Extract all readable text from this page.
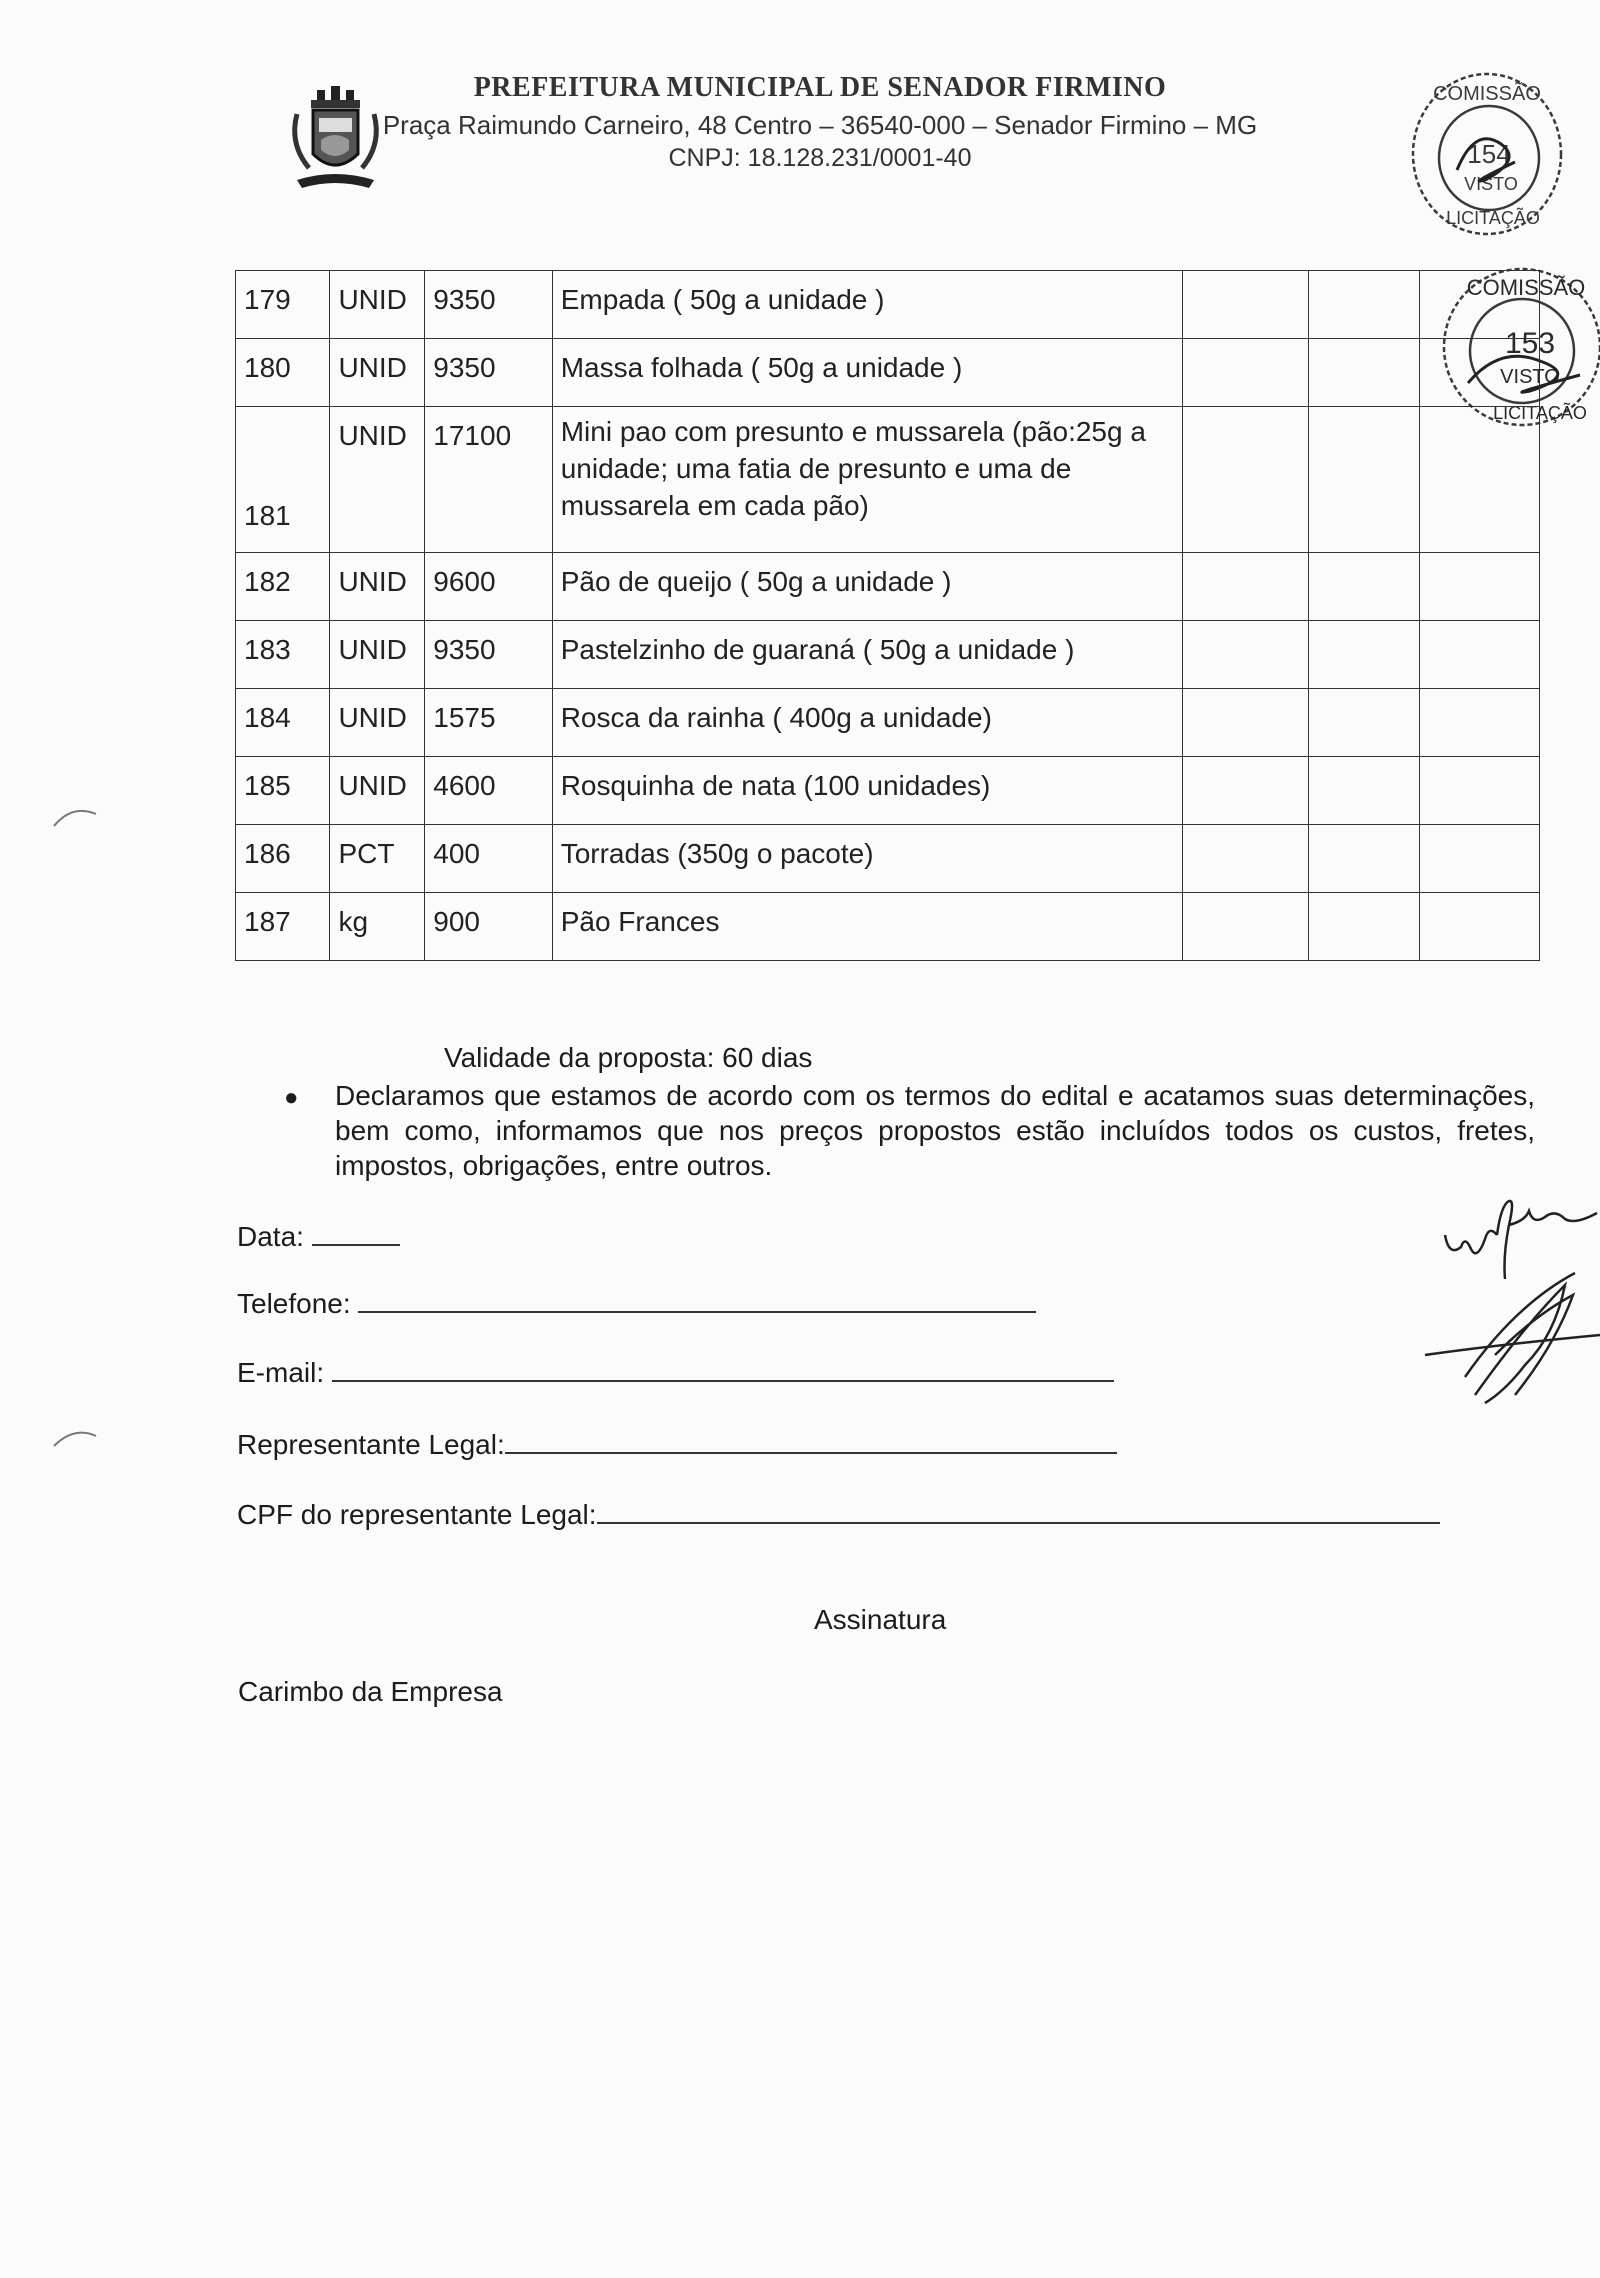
PREFEITURA MUNICIPAL DE SENADOR FIRMINO
Praça Raimundo Carneiro, 48 Centro – 36540-000 – Senador Firmino – MG
CNPJ: 18.128.231/0001-40
COMISSÃO
154
VISTO
LICITAÇÃO
COMISSÃO
153
VISTO
LICITAÇÃO
179	UNID	9350	Empada ( 50g a unidade )			

180	UNID	9350	Massa folhada ( 50g a unidade )			

181	UNID	17100	Mini pao com presunto e mussarela (pão:25g a unidade; uma fatia de presunto e uma de mussarela em cada pão)			

182	UNID	9600	Pão de queijo ( 50g a unidade )			

183	UNID	9350	Pastelzinho de guaraná ( 50g a unidade )			

184	UNID	1575	Rosca da rainha ( 400g a unidade)			

185	UNID	4600	Rosquinha de nata (100 unidades)			

186	PCT	400	Torradas (350g o pacote)			

187	kg	900	Pão Frances			

Validade da proposta: 60 dias
● Declaramos que estamos de acordo com os termos do edital e acatamos suas determinações, bem como, informamos que nos preços propostos estão incluídos todos os custos, fretes, impostos, obrigações, entre outros.
Data:
Telefone:
E-mail:
Representante Legal:
CPF do representante Legal:
Assinatura
Carimbo da Empresa
